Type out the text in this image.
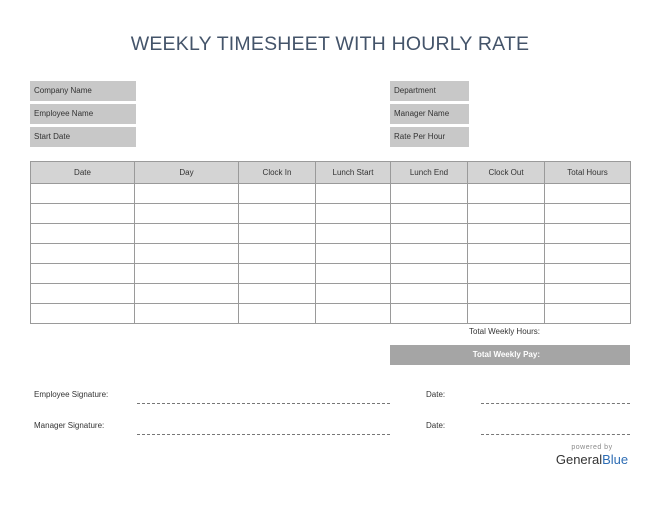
WEEKLY TIMESHEET WITH HOURLY RATE
Company Name
Employee Name
Start Date
Department
Manager Name
Rate Per Hour
Date	Day	Clock In	Lunch Start	Lunch End	Clock Out	Total Hours

Total Weekly Hours:
Total Weekly Pay:
Employee Signature:	Date:
Manager Signature:	Date:
powered by
GeneralBlue
